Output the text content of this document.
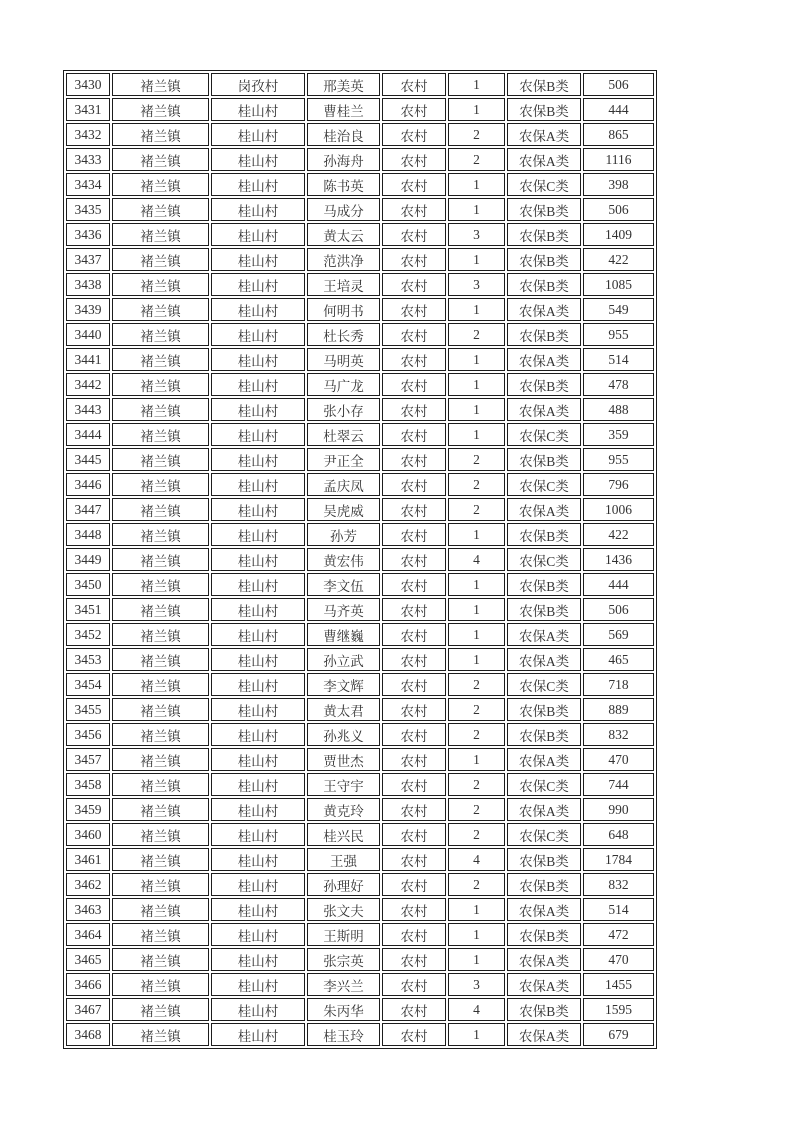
3430	褚兰镇	岗孜村	邢美英	农村	1	农保B类	506
3431	褚兰镇	桂山村	曹桂兰	农村	1	农保B类	444
3432	褚兰镇	桂山村	桂治良	农村	2	农保A类	865
3433	褚兰镇	桂山村	孙海舟	农村	2	农保A类	1116
3434	褚兰镇	桂山村	陈书英	农村	1	农保C类	398
3435	褚兰镇	桂山村	马成分	农村	1	农保B类	506
3436	褚兰镇	桂山村	黄太云	农村	3	农保B类	1409
3437	褚兰镇	桂山村	范洪净	农村	1	农保B类	422
3438	褚兰镇	桂山村	王培灵	农村	3	农保B类	1085
3439	褚兰镇	桂山村	何明书	农村	1	农保A类	549
3440	褚兰镇	桂山村	杜长秀	农村	2	农保B类	955
3441	褚兰镇	桂山村	马明英	农村	1	农保A类	514
3442	褚兰镇	桂山村	马广龙	农村	1	农保B类	478
3443	褚兰镇	桂山村	张小存	农村	1	农保A类	488
3444	褚兰镇	桂山村	杜翠云	农村	1	农保C类	359
3445	褚兰镇	桂山村	尹正全	农村	2	农保B类	955
3446	褚兰镇	桂山村	孟庆凤	农村	2	农保C类	796
3447	褚兰镇	桂山村	吴虎威	农村	2	农保A类	1006
3448	褚兰镇	桂山村	孙芳	农村	1	农保B类	422
3449	褚兰镇	桂山村	黄宏伟	农村	4	农保C类	1436
3450	褚兰镇	桂山村	李文伍	农村	1	农保B类	444
3451	褚兰镇	桂山村	马齐英	农村	1	农保B类	506
3452	褚兰镇	桂山村	曹继巍	农村	1	农保A类	569
3453	褚兰镇	桂山村	孙立武	农村	1	农保A类	465
3454	褚兰镇	桂山村	李文辉	农村	2	农保C类	718
3455	褚兰镇	桂山村	黄太君	农村	2	农保B类	889
3456	褚兰镇	桂山村	孙兆义	农村	2	农保B类	832
3457	褚兰镇	桂山村	贾世杰	农村	1	农保A类	470
3458	褚兰镇	桂山村	王守宇	农村	2	农保C类	744
3459	褚兰镇	桂山村	黄克玲	农村	2	农保A类	990
3460	褚兰镇	桂山村	桂兴民	农村	2	农保C类	648
3461	褚兰镇	桂山村	王强	农村	4	农保B类	1784
3462	褚兰镇	桂山村	孙理好	农村	2	农保B类	832
3463	褚兰镇	桂山村	张文夫	农村	1	农保A类	514
3464	褚兰镇	桂山村	王斯明	农村	1	农保B类	472
3465	褚兰镇	桂山村	张宗英	农村	1	农保A类	470
3466	褚兰镇	桂山村	李兴兰	农村	3	农保A类	1455
3467	褚兰镇	桂山村	朱丙华	农村	4	农保B类	1595
3468	褚兰镇	桂山村	桂玉玲	农村	1	农保A类	679
